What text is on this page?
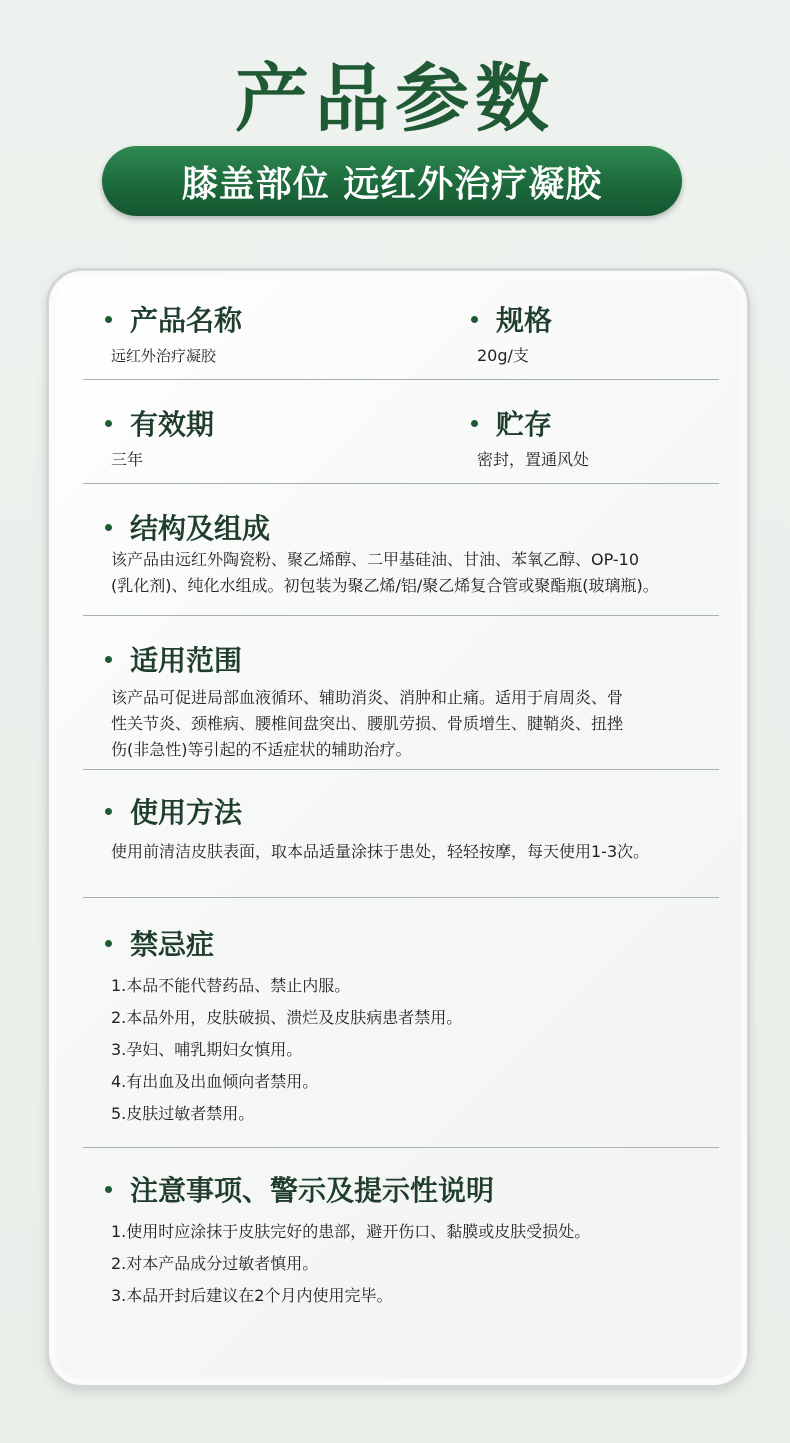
产品参数
膝盖部位 远红外治疗凝胶
产品名称
远红外治疗凝胶
规格
20g/支
有效期
三年
贮存
密封，置通风处
结构及组成
该产品由远红外陶瓷粉、聚乙烯醇、二甲基硅油、甘油、苯氧乙醇、OP-10
(乳化剂)、纯化水组成。初包装为聚乙烯/铝/聚乙烯复合管或聚酯瓶(玻璃瓶)。
适用范围
该产品可促进局部血液循环、辅助消炎、消肿和止痛。适用于肩周炎、骨
性关节炎、颈椎病、腰椎间盘突出、腰肌劳损、骨质增生、腱鞘炎、扭挫
伤(非急性)等引起的不适症状的辅助治疗。
使用方法
使用前清洁皮肤表面，取本品适量涂抹于患处，轻轻按摩，每天使用1-3次。
禁忌症
1.本品不能代替药品、禁止内服。
2.本品外用，皮肤破损、溃烂及皮肤病患者禁用。
3.孕妇、哺乳期妇女慎用。
4.有出血及出血倾向者禁用。
5.皮肤过敏者禁用。
注意事项、警示及提示性说明
1.使用时应涂抹于皮肤完好的患部，避开伤口、黏膜或皮肤受损处。
2.对本产品成分过敏者慎用。
3.本品开封后建议在2个月内使用完毕。
